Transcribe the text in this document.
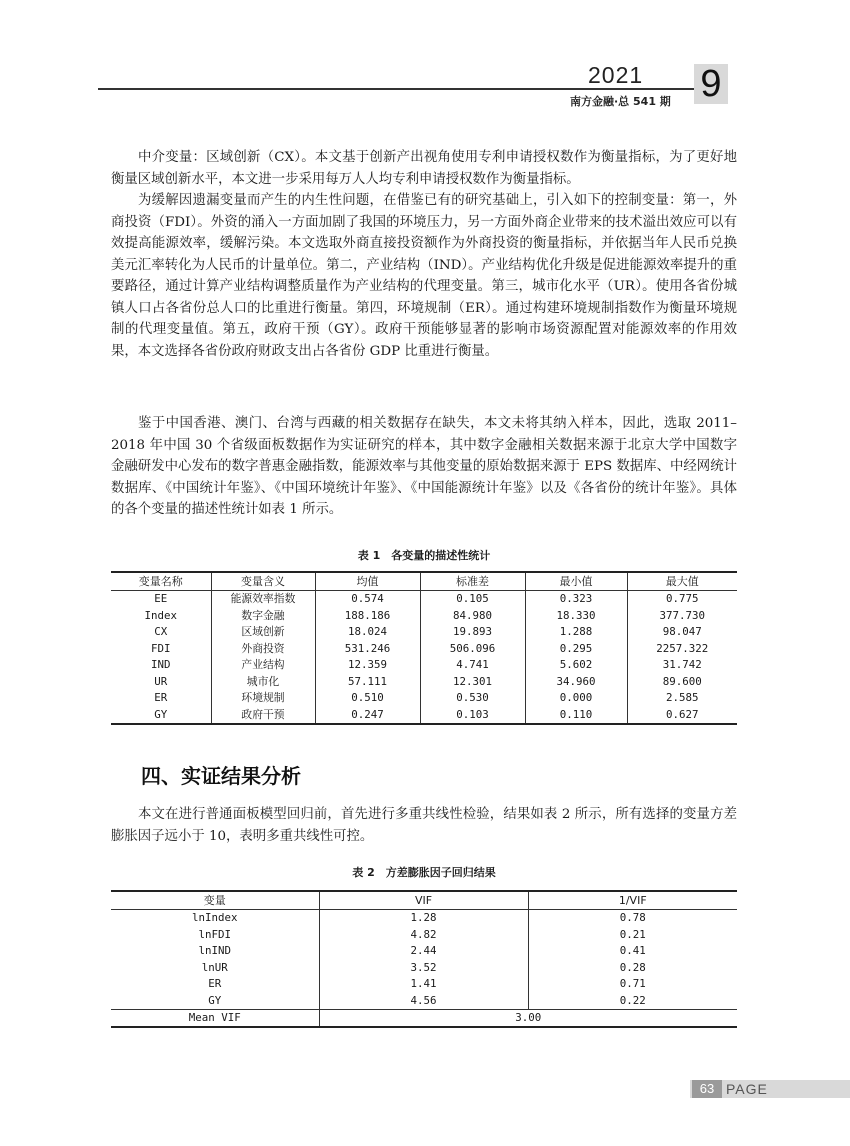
2021
南方金融·总 541 期 9

中介变量：区域创新（CX）。本文基于创新产出视角使用专利申请授权数作为衡量指标，为了更好地衡量区域创新水平，本文进一步采用每万人人均专利申请授权数作为衡量指标。

为缓解因遗漏变量而产生的内生性问题，在借鉴已有的研究基础上，引入如下的控制变量：第一，外商投资（FDI）。外资的涌入一方面加剧了我国的环境压力，另一方面外商企业带来的技术溢出效应可以有效提高能源效率，缓解污染。本文选取外商直接投资额作为外商投资的衡量指标，并依据当年人民币兑换美元汇率转化为人民币的计量单位。第二，产业结构（IND）。产业结构优化升级是促进能源效率提升的重要路径，通过计算产业结构调整质量作为产业结构的代理变量。第三，城市化水平（UR）。使用各省份城镇人口占各省份总人口的比重进行衡量。第四，环境规制（ER）。通过构建环境规制指数作为衡量环境规制的代理变量值。第五，政府干预（GY）。政府干预能够显著的影响市场资源配置对能源效率的作用效果，本文选择各省份政府财政支出占各省份 GDP 比重进行衡量。

鉴于中国香港、澳门、台湾与西藏的相关数据存在缺失，本文未将其纳入样本，因此，选取 2011–2018 年中国 30 个省级面板数据作为实证研究的样本，其中数字金融相关数据来源于北京大学中国数字金融研发中心发布的数字普惠金融指数，能源效率与其他变量的原始数据来源于 EPS 数据库、中经网统计数据库、《中国统计年鉴》、《中国环境统计年鉴》、《中国能源统计年鉴》以及《各省份的统计年鉴》。具体的各个变量的描述性统计如表 1 所示。

表 1　各变量的描述性统计
变量名称	变量含义	均值	标准差	最小值	最大值
EE	能源效率指数	0.574	0.105	0.323	0.775
Index	数字金融	188.186	84.980	18.330	377.730
CX	区域创新	18.024	19.893	1.288	98.047
FDI	外商投资	531.246	506.096	0.295	2257.322
IND	产业结构	12.359	4.741	5.602	31.742
UR	城市化	57.111	12.301	34.960	89.600
ER	环境规制	0.510	0.530	0.000	2.585
GY	政府干预	0.247	0.103	0.110	0.627
四、实证结果分析

本文在进行普通面板模型回归前，首先进行多重共线性检验，结果如表 2 所示，所有选择的变量方差膨胀因子远小于 10，表明多重共线性可控。

表 2　方差膨胀因子回归结果
变量	VIF	1/VIF
lnIndex	1.28	0.78
lnFDI	4.82	0.21
lnIND	2.44	0.41
lnUR	3.52	0.28
ER	1.41	0.71
GY	4.56	0.22
Mean VIF	3.00	
63 PAGE
